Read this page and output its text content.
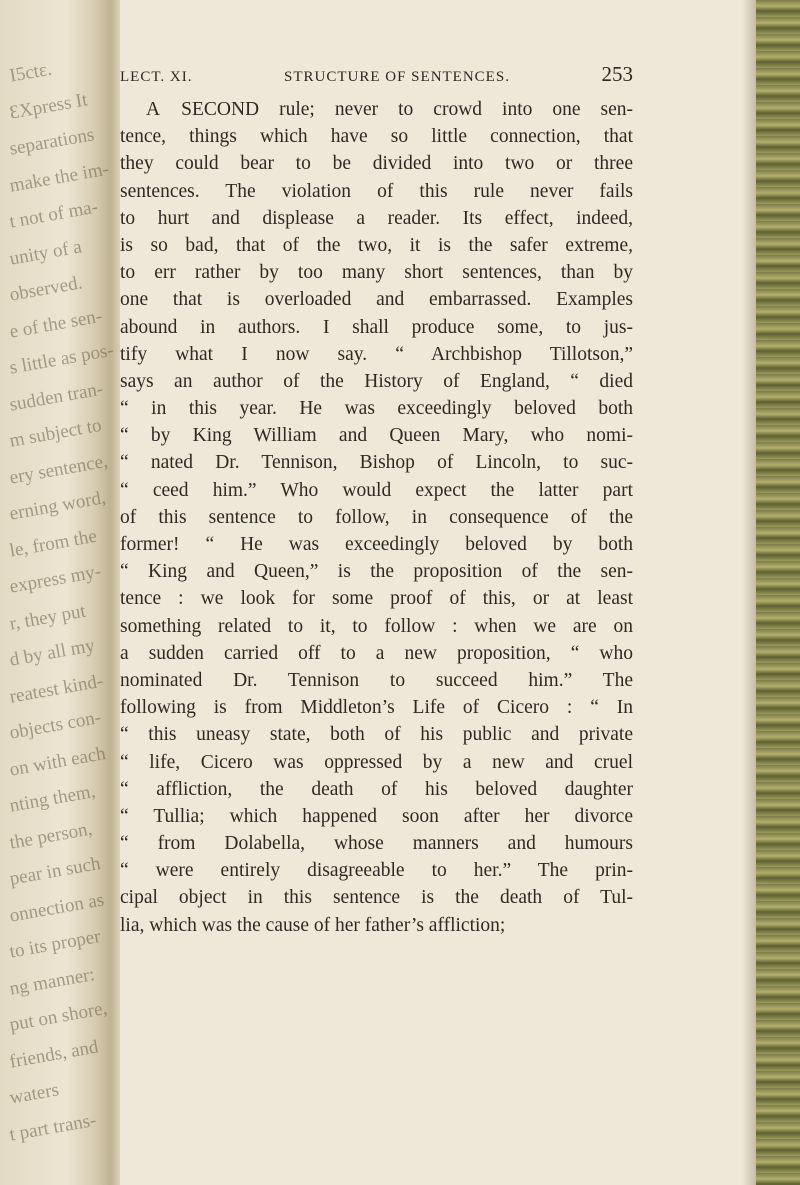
Ι5ctɛ.
ƐΧpress It
separations
make the im-
t not of ma-
unity of a
observed.
e of the sen-
s little as pos-
sudden tran-
m subject to
ery sentence,
erning word,
le, from the
express my-
r, they put
d by all my
reatest kind-
objects con-
on with each
nting them,
the person,
pear in such
onnection as
to its proper
ng manner:
put on shore,
friends, and
waters
t part trans-
LECT. XI.	STRUCTURE OF SENTENCES.	253
A SECOND rule; never to crowd into one sen-
tence, things which have so little connection, that
they could bear to be divided into two or three
sentences. The violation of this rule never fails
to hurt and displease a reader. Its effect, indeed,
is so bad, that of the two, it is the safer extreme,
to err rather by too many short sentences, than by
one that is overloaded and embarrassed. Examples
abound in authors. I shall produce some, to jus-
tify what I now say. “ Archbishop Tillotson,”
says an author of the History of England, “ died
“ in this year. He was exceedingly beloved both
“ by King William and Queen Mary, who nomi-
“ nated Dr. Tennison, Bishop of Lincoln, to suc-
“ ceed him.” Who would expect the latter part
of this sentence to follow, in consequence of the
former! “ He was exceedingly beloved by both
“ King and Queen,” is the proposition of the sen-
tence : we look for some proof of this, or at least
something related to it, to follow : when we are on
a sudden carried off to a new proposition, “ who
nominated Dr. Tennison to succeed him.” The
following is from Middleton’s Life of Cicero : “ In
“ this uneasy state, both of his public and private
“ life, Cicero was oppressed by a new and cruel
“ affliction, the death of his beloved daughter
“ Tullia; which happened soon after her divorce
“ from Dolabella, whose manners and humours
“ were entirely disagreeable to her.” The prin-
cipal object in this sentence is the death of Tul-
lia, which was the cause of her father’s affliction;
